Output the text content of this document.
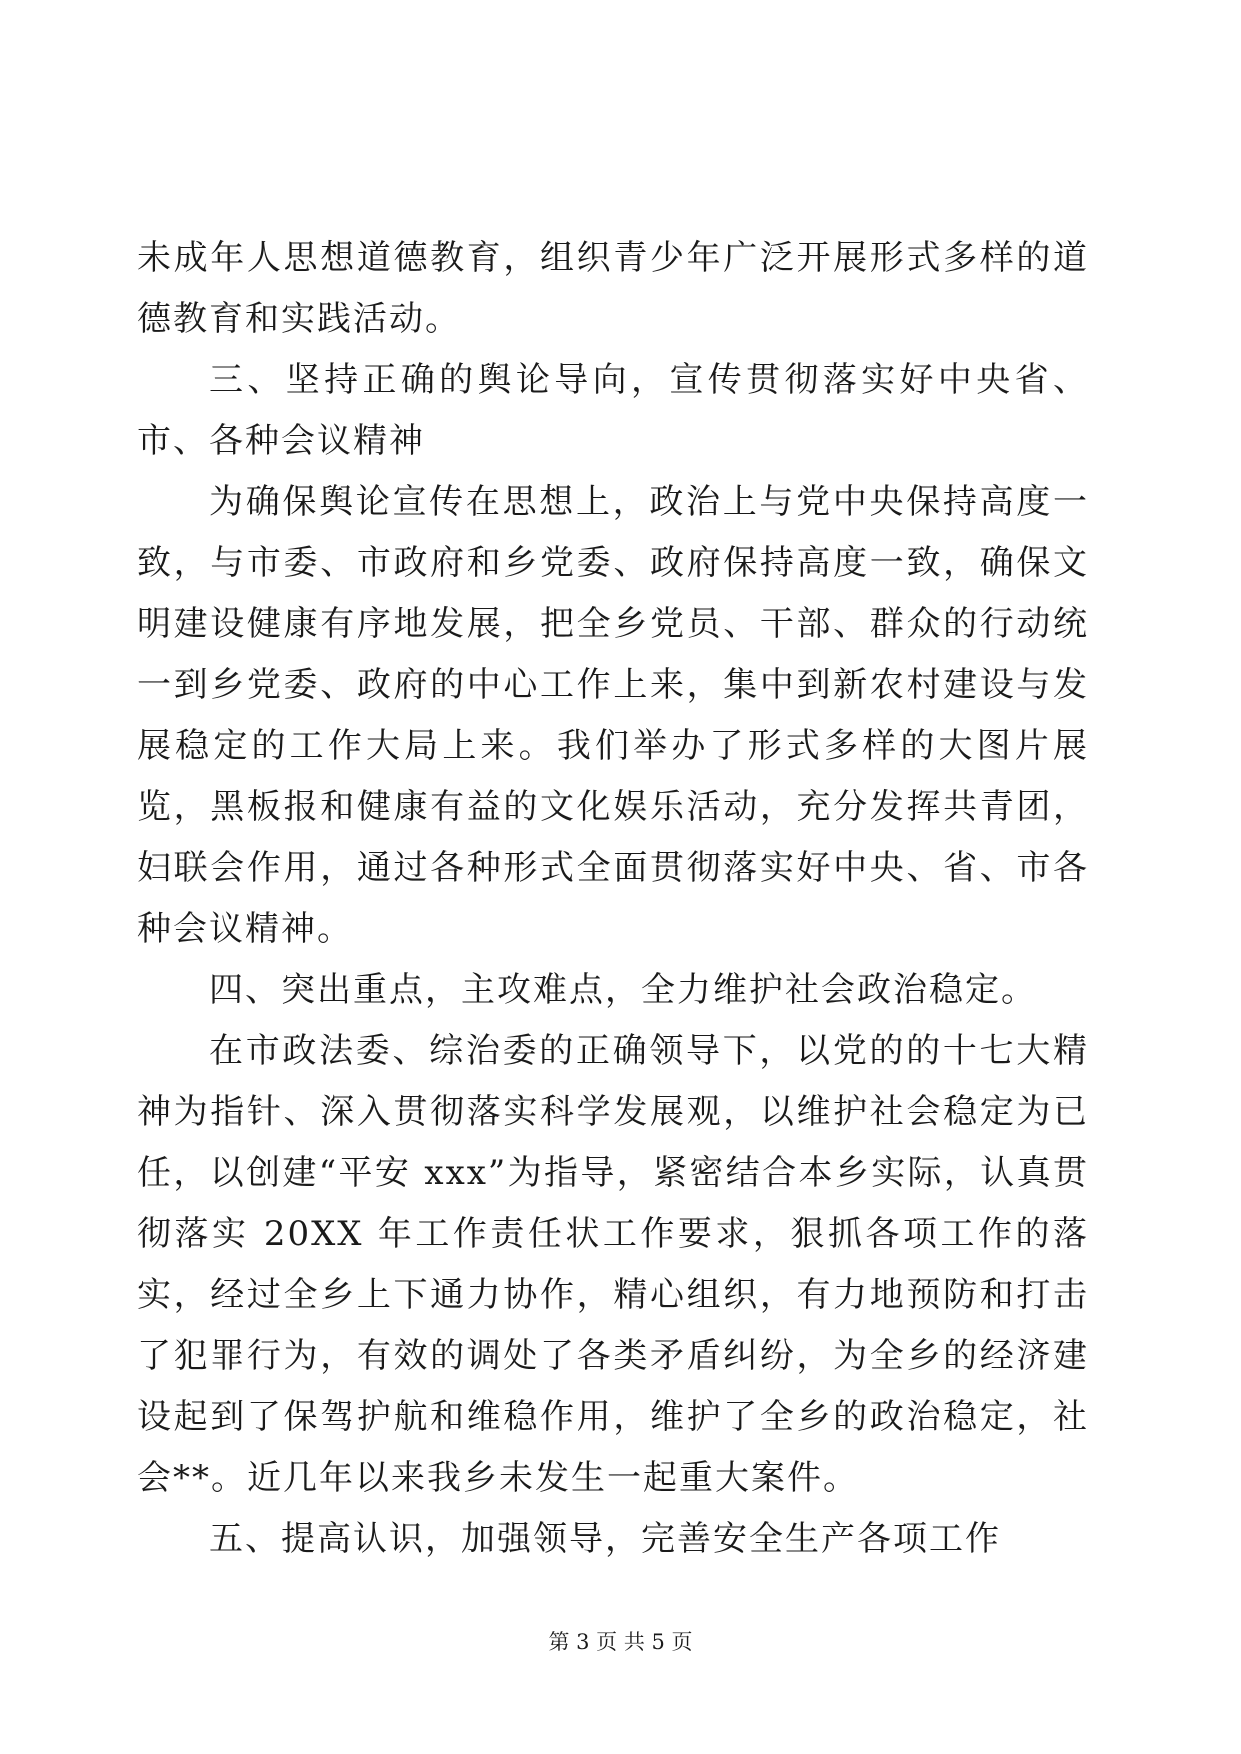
未成年人思想道德教育，组织青少年广泛开展形式多样的道德教育和实践活动。

三、坚持正确的舆论导向，宣传贯彻落实好中央省、市、各种会议精神

为确保舆论宣传在思想上，政治上与党中央保持高度一致，与市委、市政府和乡党委、政府保持高度一致，确保文明建设健康有序地发展，把全乡党员、干部、群众的行动统一到乡党委、政府的中心工作上来，集中到新农村建设与发展稳定的工作大局上来。我们举办了形式多样的大图片展览，黑板报和健康有益的文化娱乐活动，充分发挥共青团，妇联会作用，通过各种形式全面贯彻落实好中央、省、市各种会议精神。

四、突出重点，主攻难点，全力维护社会政治稳定。

在市政法委、综治委的正确领导下，以党的的十七大精神为指针、深入贯彻落实科学发展观，以维护社会稳定为已任，以创建“平安 xxx”为指导，紧密结合本乡实际，认真贯彻落实 20XX 年工作责任状工作要求，狠抓各项工作的落实，经过全乡上下通力协作，精心组织，有力地预防和打击了犯罪行为，有效的调处了各类矛盾纠纷，为全乡的经济建设起到了保驾护航和维稳作用，维护了全乡的政治稳定，社会**。近几年以来我乡未发生一起重大案件。

五、提高认识，加强领导，完善安全生产各项工作

第 3 页 共 5 页
